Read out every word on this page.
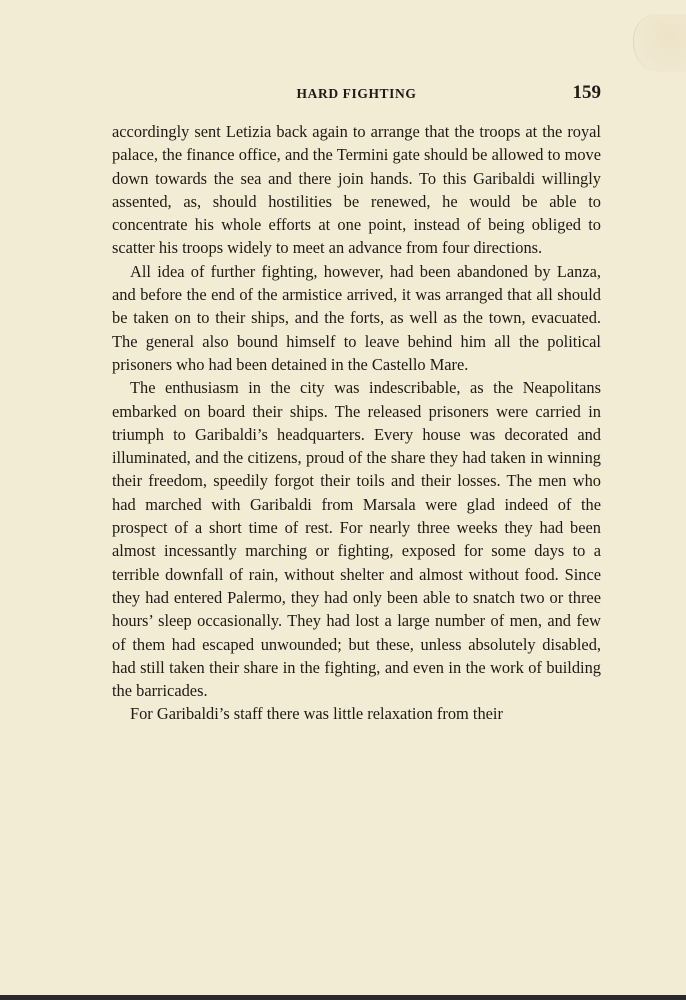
HARD FIGHTING	159

accordingly sent Letizia back again to arrange that the troops at the royal palace, the finance office, and the Termini gate should be allowed to move down towards the sea and there join hands. To this Garibaldi willingly assented, as, should hostilities be renewed, he would be able to concentrate his whole efforts at one point, instead of being obliged to scatter his troops widely to meet an advance from four directions.

All idea of further fighting, however, had been abandoned by Lanza, and before the end of the armistice arrived, it was arranged that all should be taken on to their ships, and the forts, as well as the town, evacuated. The general also bound himself to leave behind him all the political prisoners who had been detained in the Castello Mare.

The enthusiasm in the city was indescribable, as the Neapolitans embarked on board their ships. The released prisoners were carried in triumph to Garibaldi’s headquarters. Every house was decorated and illuminated, and the citizens, proud of the share they had taken in winning their freedom, speedily forgot their toils and their losses. The men who had marched with Garibaldi from Marsala were glad indeed of the prospect of a short time of rest. For nearly three weeks they had been almost incessantly marching or fighting, exposed for some days to a terrible downfall of rain, without shelter and almost without food. Since they had entered Palermo, they had only been able to snatch two or three hours’ sleep occasionally. They had lost a large number of men, and few of them had escaped unwounded; but these, unless absolutely disabled, had still taken their share in the fighting, and even in the work of building the barricades.

For Garibaldi’s staff there was little relaxation from their
